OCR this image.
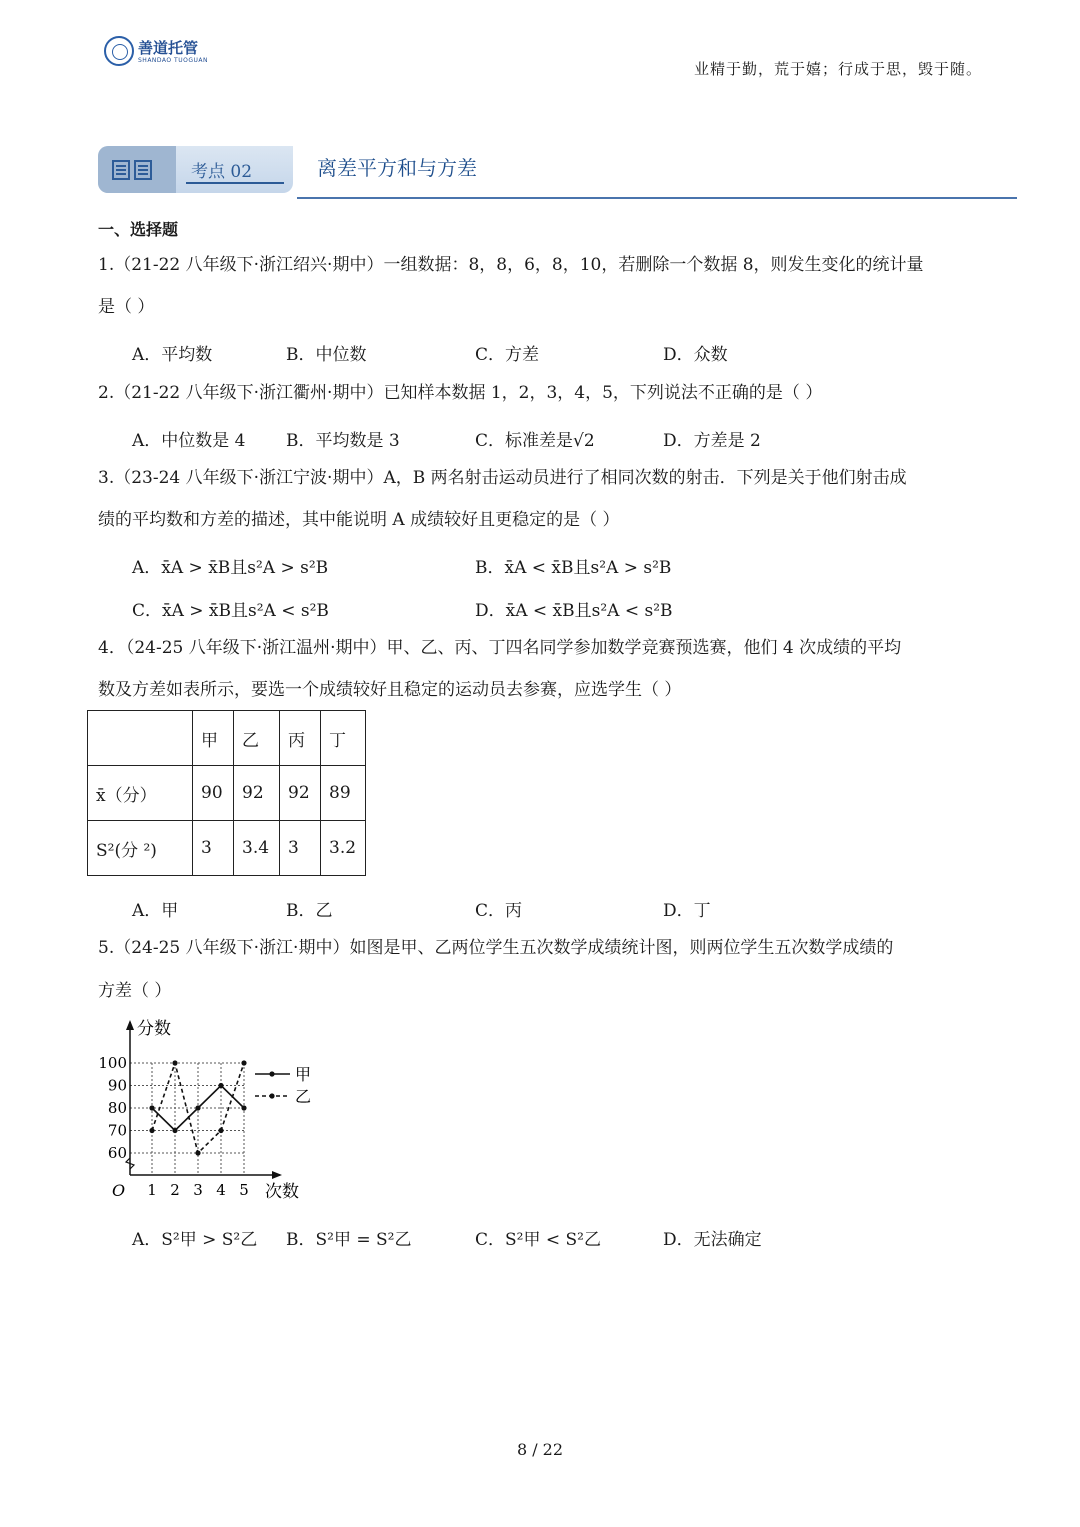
善道托管
SHANDAO TUOGUAN	业精于勤，荒于嬉；行成于思，毁于随。
考点 02	离差平方和与方差
一、选择题
1.（21-22 八年级下·浙江绍兴·期中）一组数据：8，8，6，8，10，若删除一个数据 8，则发生变化的统计量
是（ ）
A．平均数	B．中位数	C．方差	D．众数
2.（21-22 八年级下·浙江衢州·期中）已知样本数据 1，2，3，4，5，下列说法不正确的是（ ）
A．中位数是 4 B．平均数是 3	C．标准差是√2	D．方差是 2
3.（23-24 八年级下·浙江宁波·期中）A，B 两名射击运动员进行了相同次数的射击．下列是关于他们射击成
绩的平均数和方差的描述，其中能说明 A 成绩较好且更稳定的是（ ）
A．x̄A > x̄B且s²A > s²B	B．x̄A < x̄B且s²A > s²B
C．x̄A > x̄B且s²A < s²B	D．x̄A < x̄B且s²A < s²B
4．（24-25 八年级下·浙江温州·期中）甲、乙、丙、丁四名同学参加数学竞赛预选赛，他们 4 次成绩的平均
数及方差如表所示，要选一个成绩较好且稳定的运动员去参赛，应选学生（ ）
	甲	乙	丙	丁
x̄（分）	90	92	92	89
S²(分 ²)	3	3.4	3	3.2
A．甲	B．乙	C．丙	D．丁
5.（24-25 八年级下·浙江·期中）如图是甲、乙两位学生五次数学成绩统计图，则两位学生五次数学成绩的
方差（ ）
60
70
80
90
100
1 2 3 4 5
分数
次数
O
甲
乙
A．S²甲 > S²乙 B．S²甲 = S²乙	C．S²甲 < S²乙	D．无法确定
8 / 22
